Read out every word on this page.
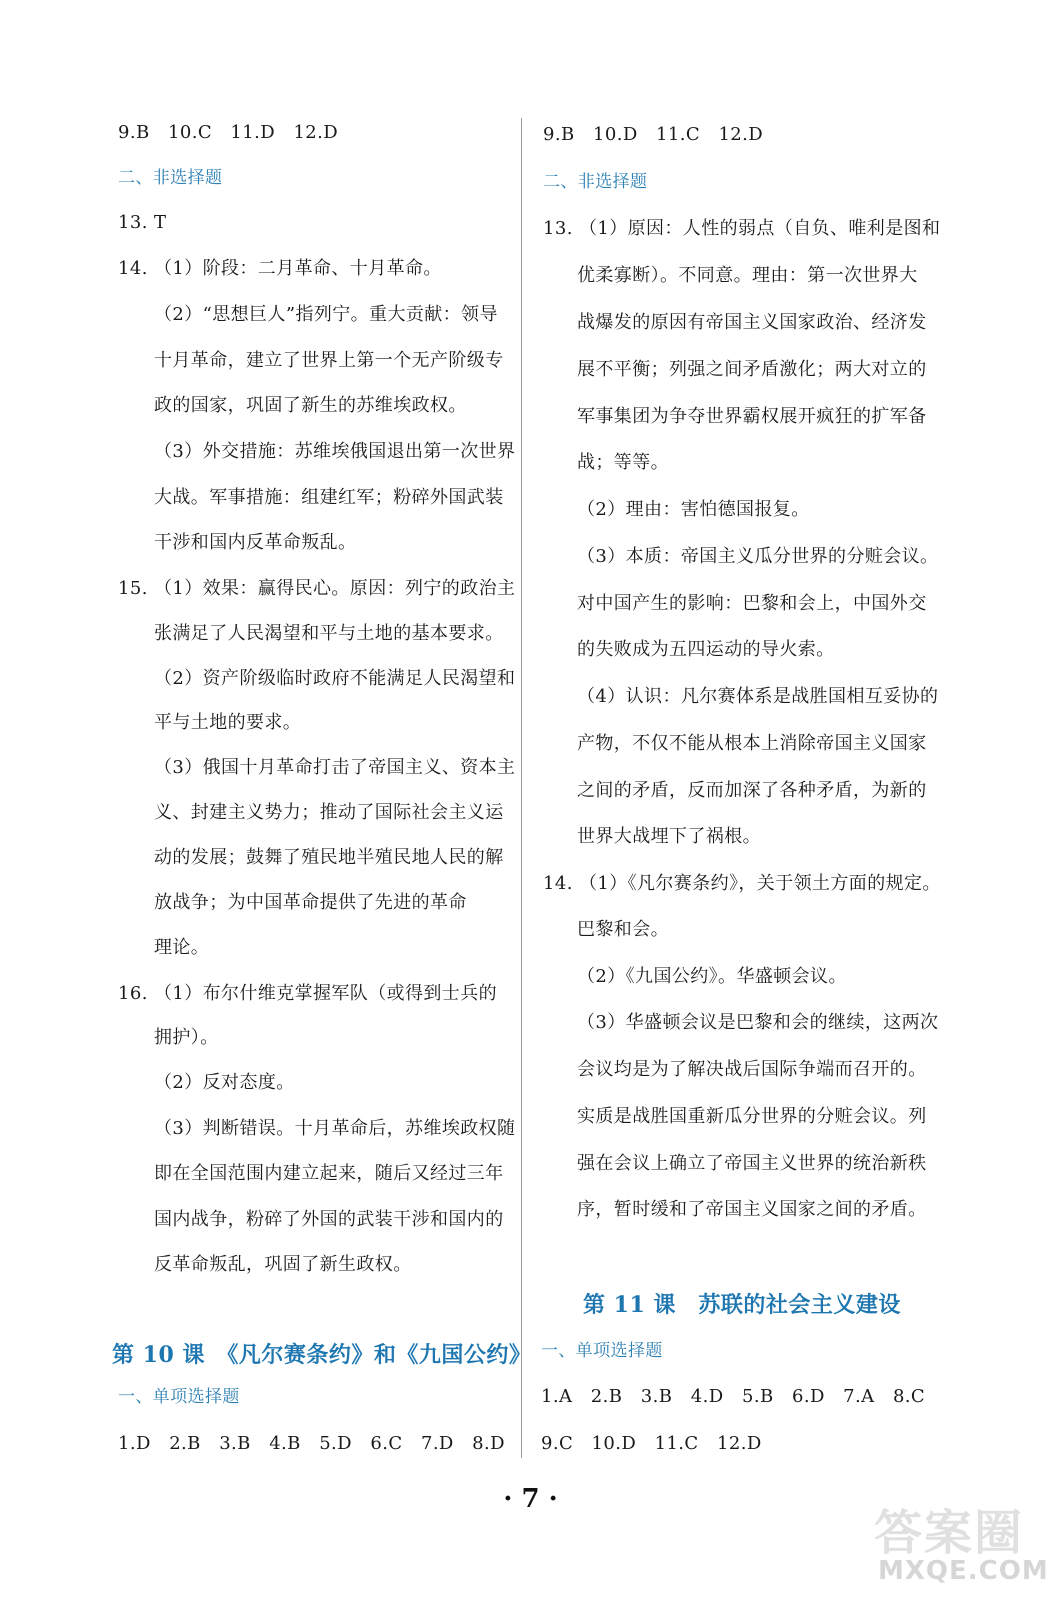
9.B　10.C　11.D　12.D
二、非选择题
13. T
14. （1）阶段：二月革命、十月革命。
（2）“思想巨人”指列宁。重大贡献：领导
十月革命，建立了世界上第一个无产阶级专
政的国家，巩固了新生的苏维埃政权。
（3）外交措施：苏维埃俄国退出第一次世界
大战。军事措施：组建红军；粉碎外国武装
干涉和国内反革命叛乱。
15. （1）效果：赢得民心。原因：列宁的政治主
张满足了人民渴望和平与土地的基本要求。
（2）资产阶级临时政府不能满足人民渴望和
平与土地的要求。
（3）俄国十月革命打击了帝国主义、资本主
义、封建主义势力；推动了国际社会主义运
动的发展；鼓舞了殖民地半殖民地人民的解
放战争；为中国革命提供了先进的革命
理论。
16. （1）布尔什维克掌握军队（或得到士兵的
拥护）。
（2）反对态度。
（3）判断错误。十月革命后，苏维埃政权随
即在全国范围内建立起来，随后又经过三年
国内战争，粉碎了外国的武装干涉和国内的
反革命叛乱，巩固了新生政权。
第 10 课　《凡尔赛条约》和《九国公约》
一、单项选择题
1.D　2.B　3.B　4.B　5.D　6.C　7.D　8.D
9.B　10.D　11.C　12.D
二、非选择题
13. （1）原因：人性的弱点（自负、唯利是图和
优柔寡断）。不同意。理由：第一次世界大
战爆发的原因有帝国主义国家政治、经济发
展不平衡；列强之间矛盾激化；两大对立的
军事集团为争夺世界霸权展开疯狂的扩军备
战；等等。
（2）理由：害怕德国报复。
（3）本质：帝国主义瓜分世界的分赃会议。
对中国产生的影响：巴黎和会上，中国外交
的失败成为五四运动的导火索。
（4）认识：凡尔赛体系是战胜国相互妥协的
产物，不仅不能从根本上消除帝国主义国家
之间的矛盾，反而加深了各种矛盾，为新的
世界大战埋下了祸根。
14. （1）《凡尔赛条约》，关于领土方面的规定。
巴黎和会。
（2）《九国公约》。华盛顿会议。
（3）华盛顿会议是巴黎和会的继续，这两次
会议均是为了解决战后国际争端而召开的。
实质是战胜国重新瓜分世界的分赃会议。列
强在会议上确立了帝国主义世界的统治新秩
序，暂时缓和了帝国主义国家之间的矛盾。
第 11 课　苏联的社会主义建设
一、单项选择题
1.A　2.B　3.B　4.D　5.B　6.D　7.A　8.C
9.C　10.D　11.C　12.D
· 7 ·
答案圈
MXQE.COM
